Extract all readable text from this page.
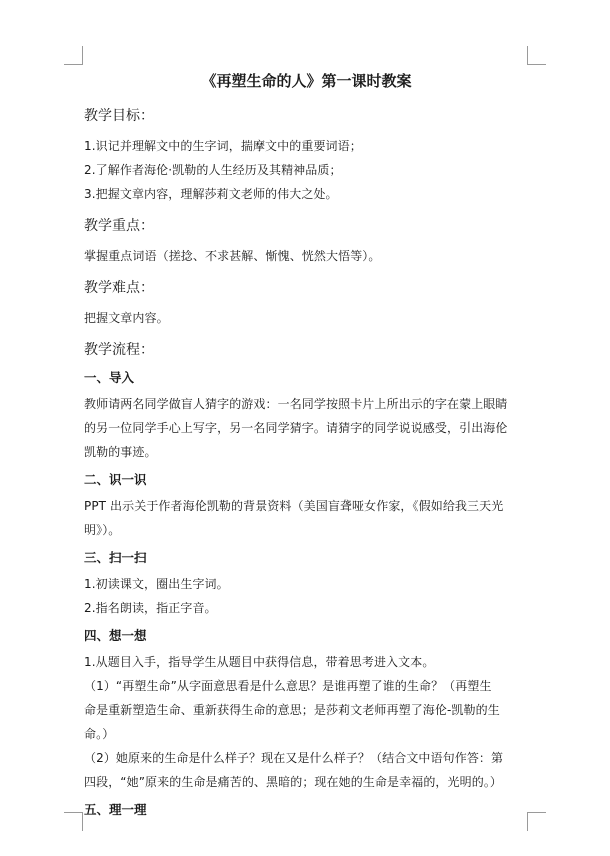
《再塑生命的人》第一课时教案
教学目标：

1.识记并理解文中的生字词，揣摩文中的重要词语；

2.了解作者海伦·凯勒的人生经历及其精神品质；

3.把握文章内容，理解莎莉文老师的伟大之处。

教学重点：

掌握重点词语（搓捻、不求甚解、惭愧、恍然大悟等）。

教学难点：

把握文章内容。

教学流程：
一、导入

教师请两名同学做盲人猜字的游戏：一名同学按照卡片上所出示的字在蒙上眼睛

的另一位同学手心上写字，另一名同学猜字。请猜字的同学说说感受，引出海伦

凯勒的事迹。

二、识一识

PPT 出示关于作者海伦凯勒的背景资料（美国盲聋哑女作家，《假如给我三天光

明》）。

三、扫一扫

1.初读课文，圈出生字词。

2.指名朗读，指正字音。

四、想一想

1.从题目入手，指导学生从题目中获得信息，带着思考进入文本。

（1）“再塑生命”从字面意思看是什么意思？是谁再塑了谁的生命？（再塑生

命是重新塑造生命、重新获得生命的意思；是莎莉文老师再塑了海伦-凯勒的生

命。）

（2）她原来的生命是什么样子？现在又是什么样子？（结合文中语句作答：第

四段，“她”原来的生命是痛苦的、黑暗的；现在她的生命是幸福的，光明的。）

五、理一理
